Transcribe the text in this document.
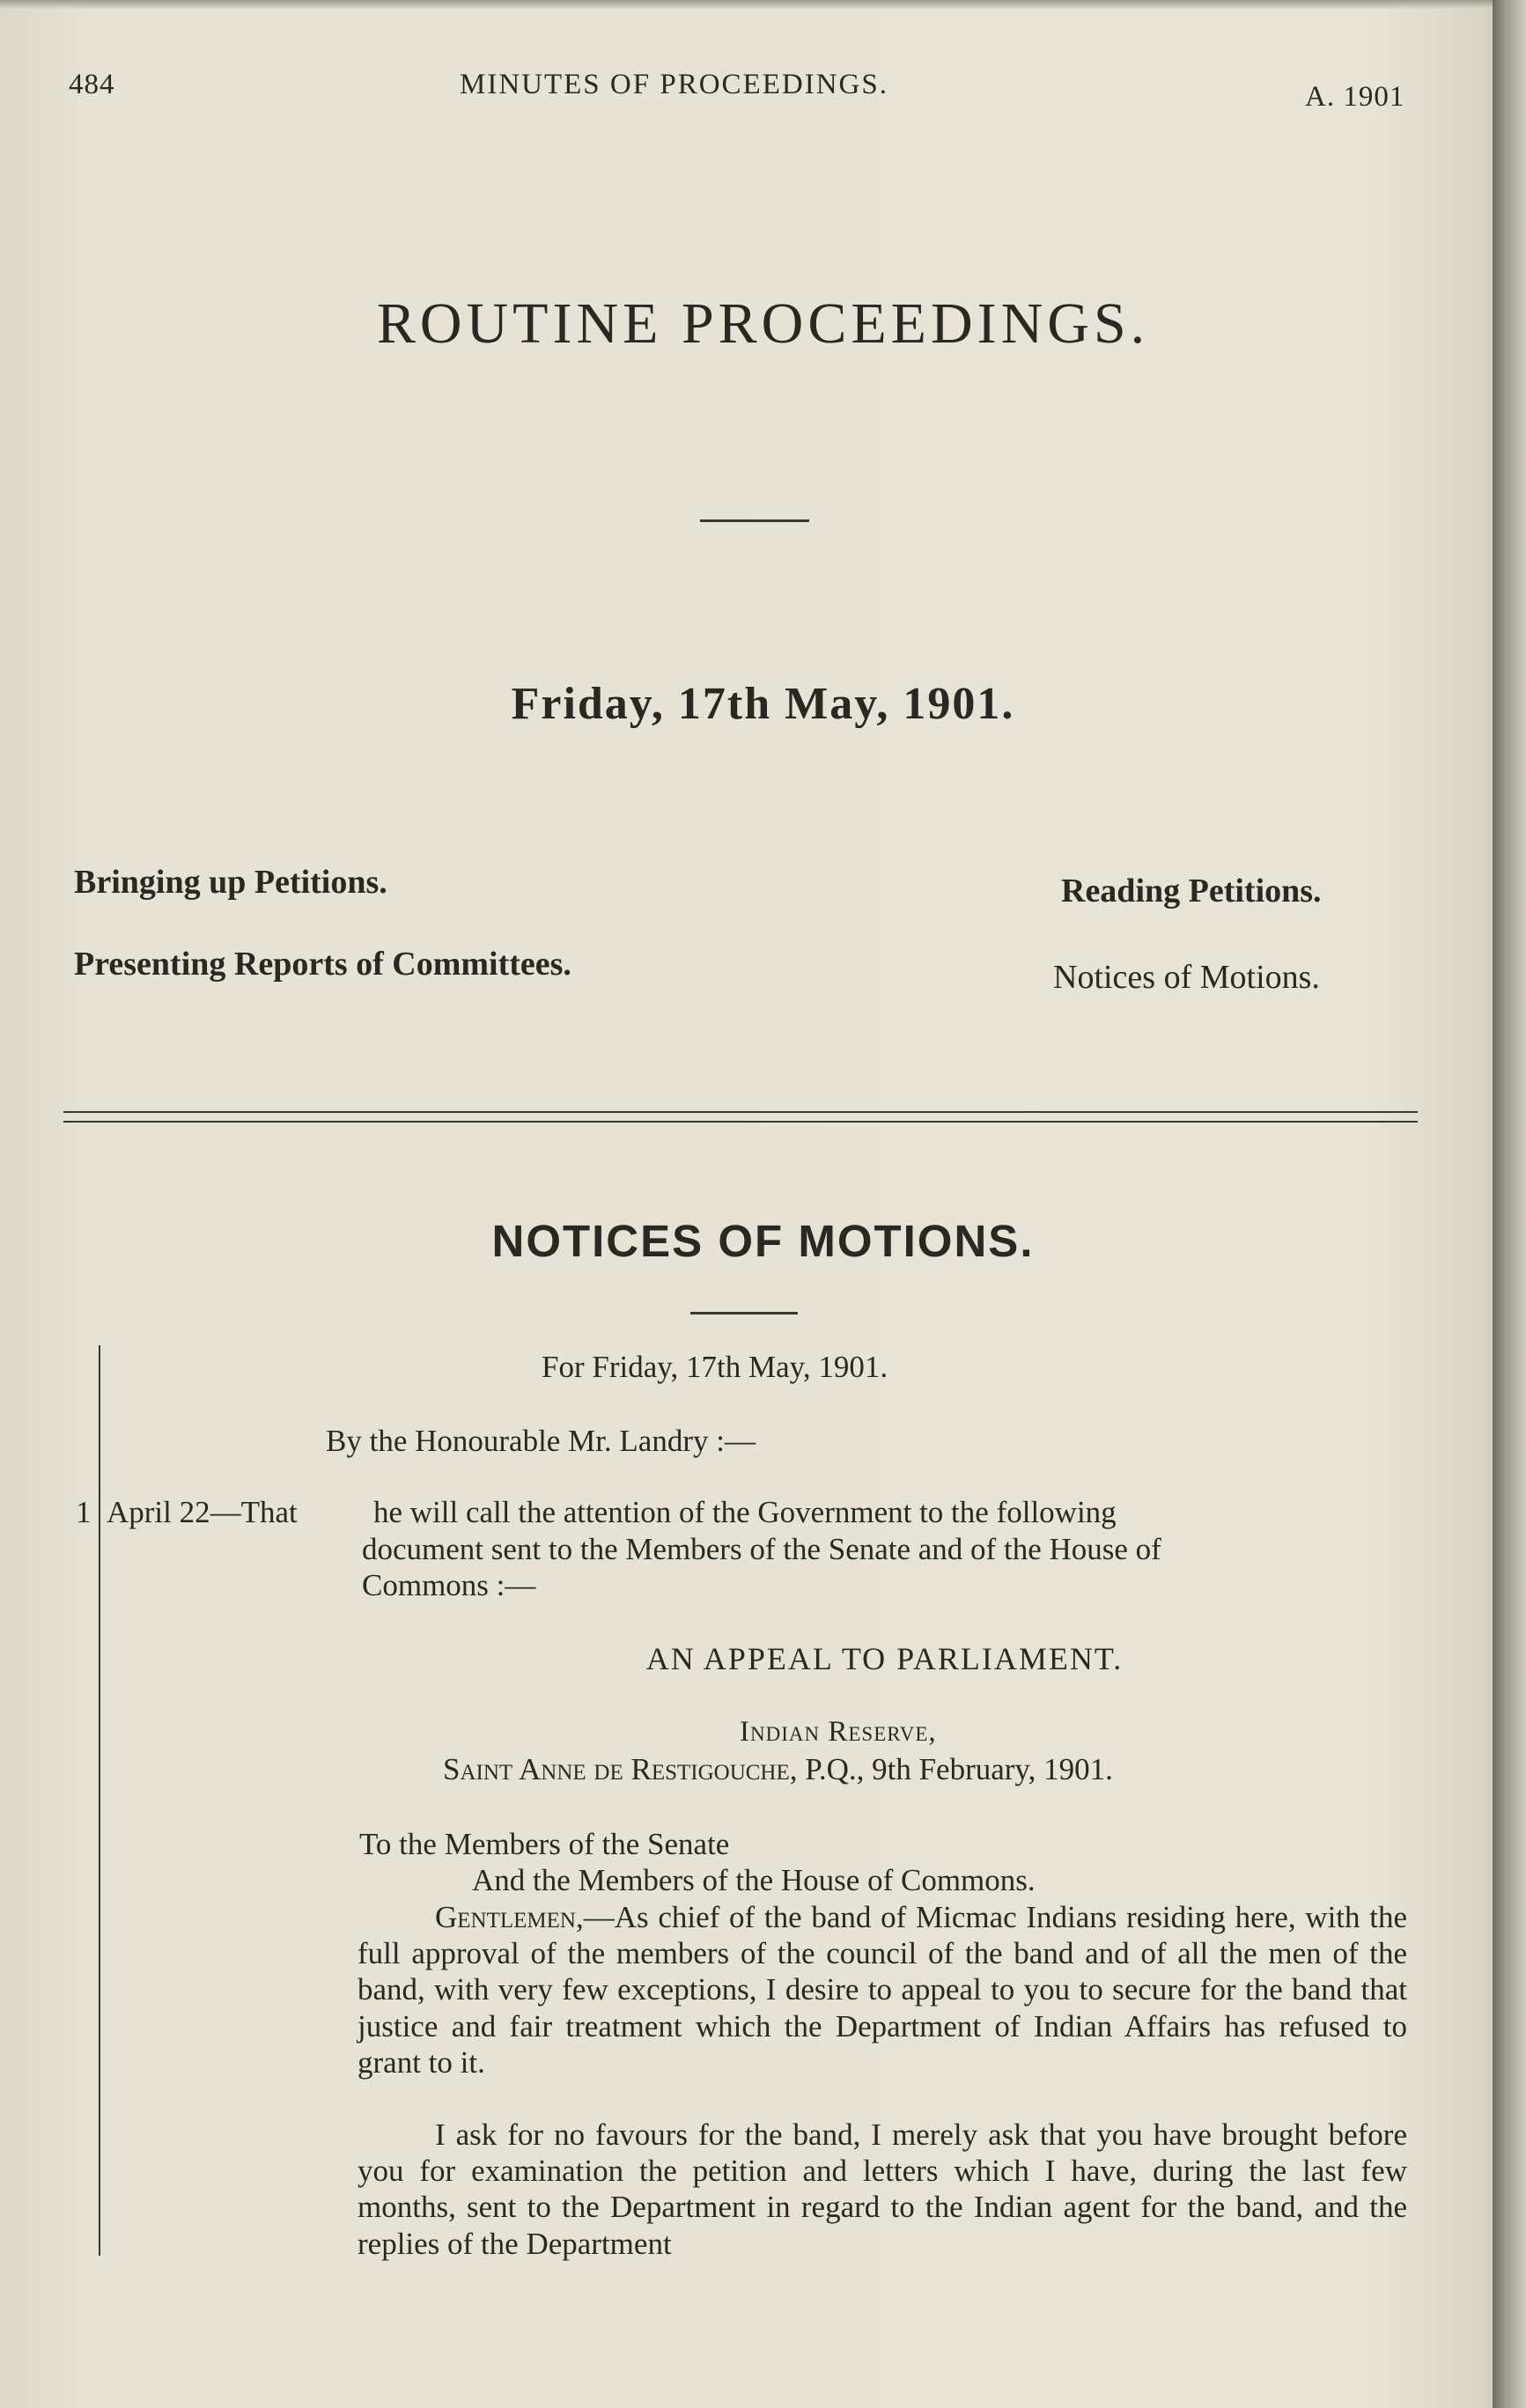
484	MINUTES OF PROCEEDINGS.	A. 1901

ROUTINE PROCEEDINGS.

Friday, 17th May, 1901.

Bringing up Petitions.	Reading Petitions.

Presenting Reports of Committees.	Notices of Motions.

NOTICES OF MOTIONS.

For Friday, 17th May, 1901.

By the Honourable Mr. Landry :—

1 April 22—That he will call the attention of the Government to the following

document sent to the Members of the Senate and of the House of

Commons :—

AN APPEAL TO PARLIAMENT.

Indian Reserve,

Saint Anne de Restigouche, P.Q., 9th February, 1901.

To the Members of the Senate

And the Members of the House of Commons.

Gentlemen,—As chief of the band of Micmac Indians residing here, with the full approval of the members of the council of the band and of all the men of the band, with very few exceptions, I desire to appeal to you to secure for the band that justice and fair treatment which the Department of Indian Affairs has refused to grant to it.

I ask for no favours for the band, I merely ask that you have brought before you for examination the petition and letters which I have, during the last few months, sent to the Department in regard to the Indian agent for the band, and the replies of the Department
